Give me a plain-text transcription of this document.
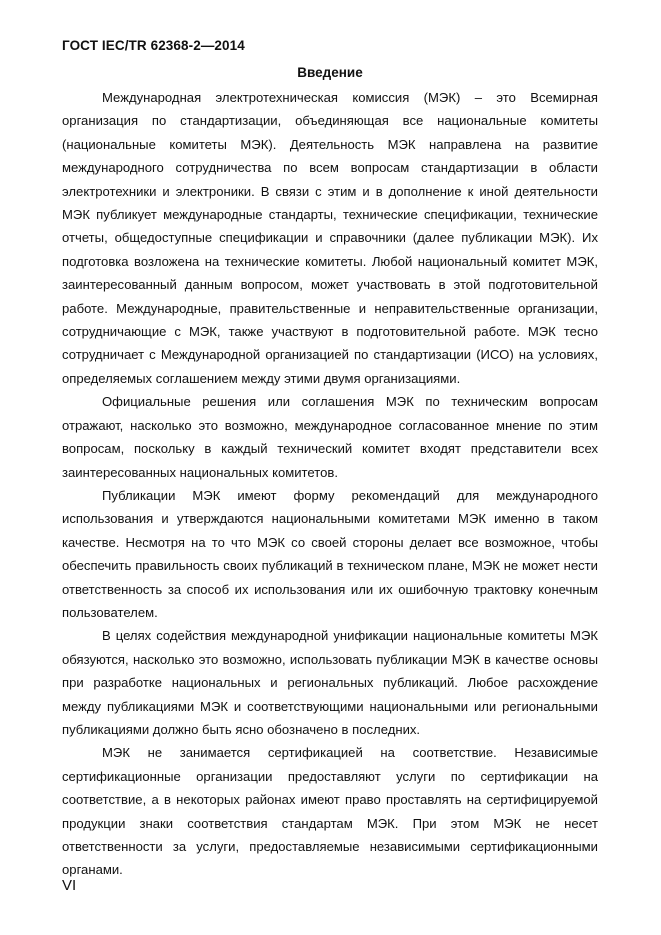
ГОСТ IEC/TR 62368-2—2014
Введение

Международная электротехническая комиссия (МЭК) – это Всемирная организация по стандартизации, объединяющая все национальные комитеты (национальные комитеты МЭК). Деятельность МЭК направлена на развитие международного сотрудничества по всем вопросам стандартизации в области электротехники и электроники. В связи с этим и в дополнение к иной деятельности МЭК публикует международные стандарты, технические спецификации, технические отчеты, общедоступные спецификации и справочники (далее публикации МЭК). Их подготовка возложена на технические комитеты. Любой национальный комитет МЭК, заинтересованный данным вопросом, может участвовать в этой подготовительной работе. Международные, правительственные и неправительственные организации, сотрудничающие с МЭК, также участвуют в подготовительной работе. МЭК тесно сотрудничает с Международной организацией по стандартизации (ИСО) на условиях, определяемых соглашением между этими двумя организациями.

Официальные решения или соглашения МЭК по техническим вопросам отражают, насколько это возможно, международное согласованное мнение по этим вопросам, поскольку в каждый технический комитет входят представители всех заинтересованных национальных комитетов.

Публикации МЭК имеют форму рекомендаций для международного использования и утверждаются национальными комитетами МЭК именно в таком качестве. Несмотря на то что МЭК со своей стороны делает все возможное, чтобы обеспечить правильность своих публикаций в техническом плане, МЭК не может нести ответственность за способ их использования или их ошибочную трактовку конечным пользователем.

В целях содействия международной унификации национальные комитеты МЭК обязуются, насколько это возможно, использовать публикации МЭК в качестве основы при разработке национальных и региональных публикаций. Любое расхождение между публикациями МЭК и соответствующими национальными или региональными публикациями должно быть ясно обозначено в последних.

МЭК не занимается сертификацией на соответствие. Независимые сертификационные организации предоставляют услуги по сертификации на соответствие, а в некоторых районах имеют право проставлять на сертифицируемой продукции знаки соответствия стандартам МЭК. При этом МЭК не несет ответственности за услуги, предоставляемые независимыми сертификационными органами.

VI
